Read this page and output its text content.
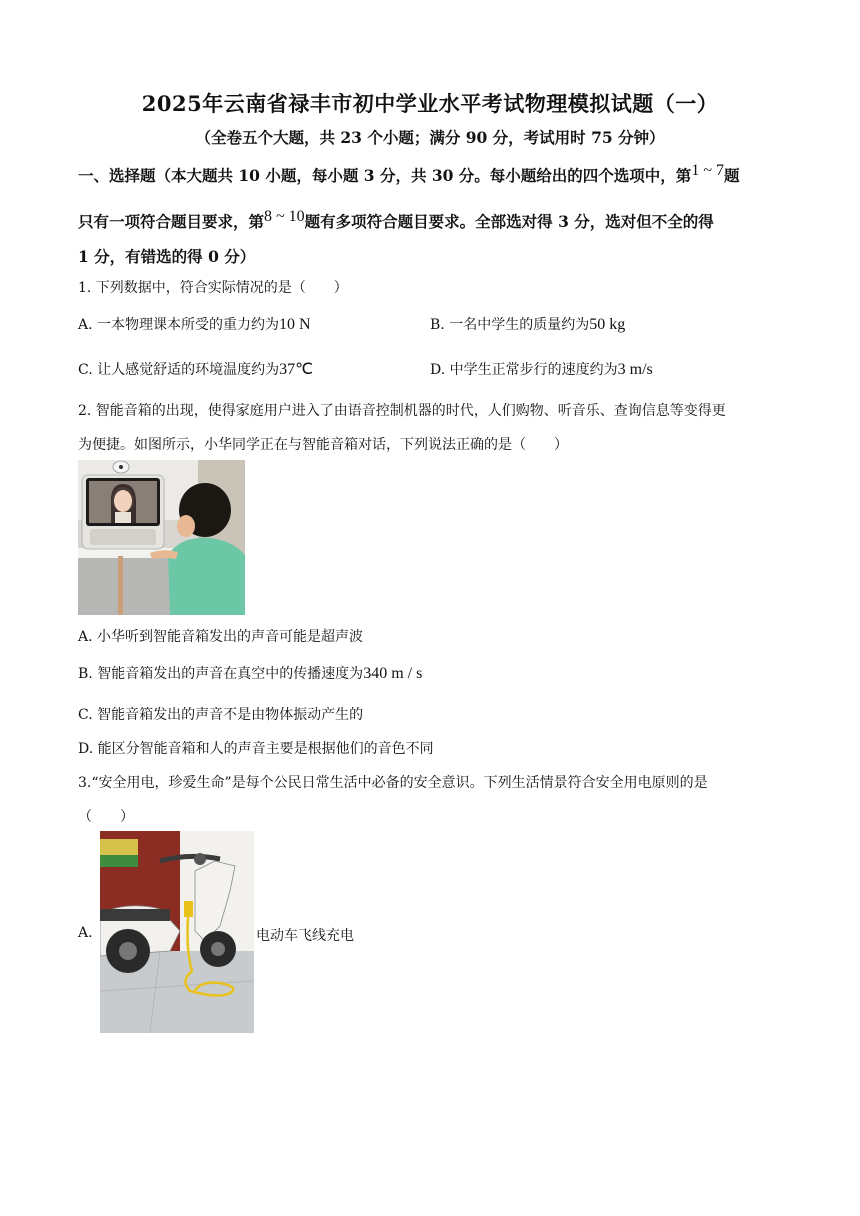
2025年云南省禄丰市初中学业水平考试物理模拟试题（一）
（全卷五个大题，共 23 个小题；满分 90 分，考试用时 75 分钟）
一、选择题（本大题共 10 小题，每小题 3 分，共 30 分。每小题给出的四个选项中，第1 ~ 7题
只有一项符合题目要求，第8 ~ 10题有多项符合题目要求。全部选对得 3 分，选对但不全的得
1 分，有错选的得 0 分）
1. 下列数据中，符合实际情况的是（　　）
A. 一本物理课本所受的重力约为10 N	B. 一名中学生的质量约为50 kg
C. 让人感觉舒适的环境温度约为37℃	D. 中学生正常步行的速度约为3 m/s
2. 智能音箱的出现，使得家庭用户进入了由语音控制机器的时代，人们购物、听音乐、查询信息等变得更
为便捷。如图所示，小华同学正在与智能音箱对话，下列说法正确的是（　　）
A. 小华听到智能音箱发出的声音可能是超声波
B. 智能音箱发出的声音在真空中的传播速度为340 m / s
C. 智能音箱发出的声音不是由物体振动产生的
D. 能区分智能音箱和人的声音主要是根据他们的音色不同
3.“安全用电，珍爱生命”是每个公民日常生活中必备的安全意识。下列生活情景符合安全用电原则的是
（　　）
A.	电动车飞线充电
